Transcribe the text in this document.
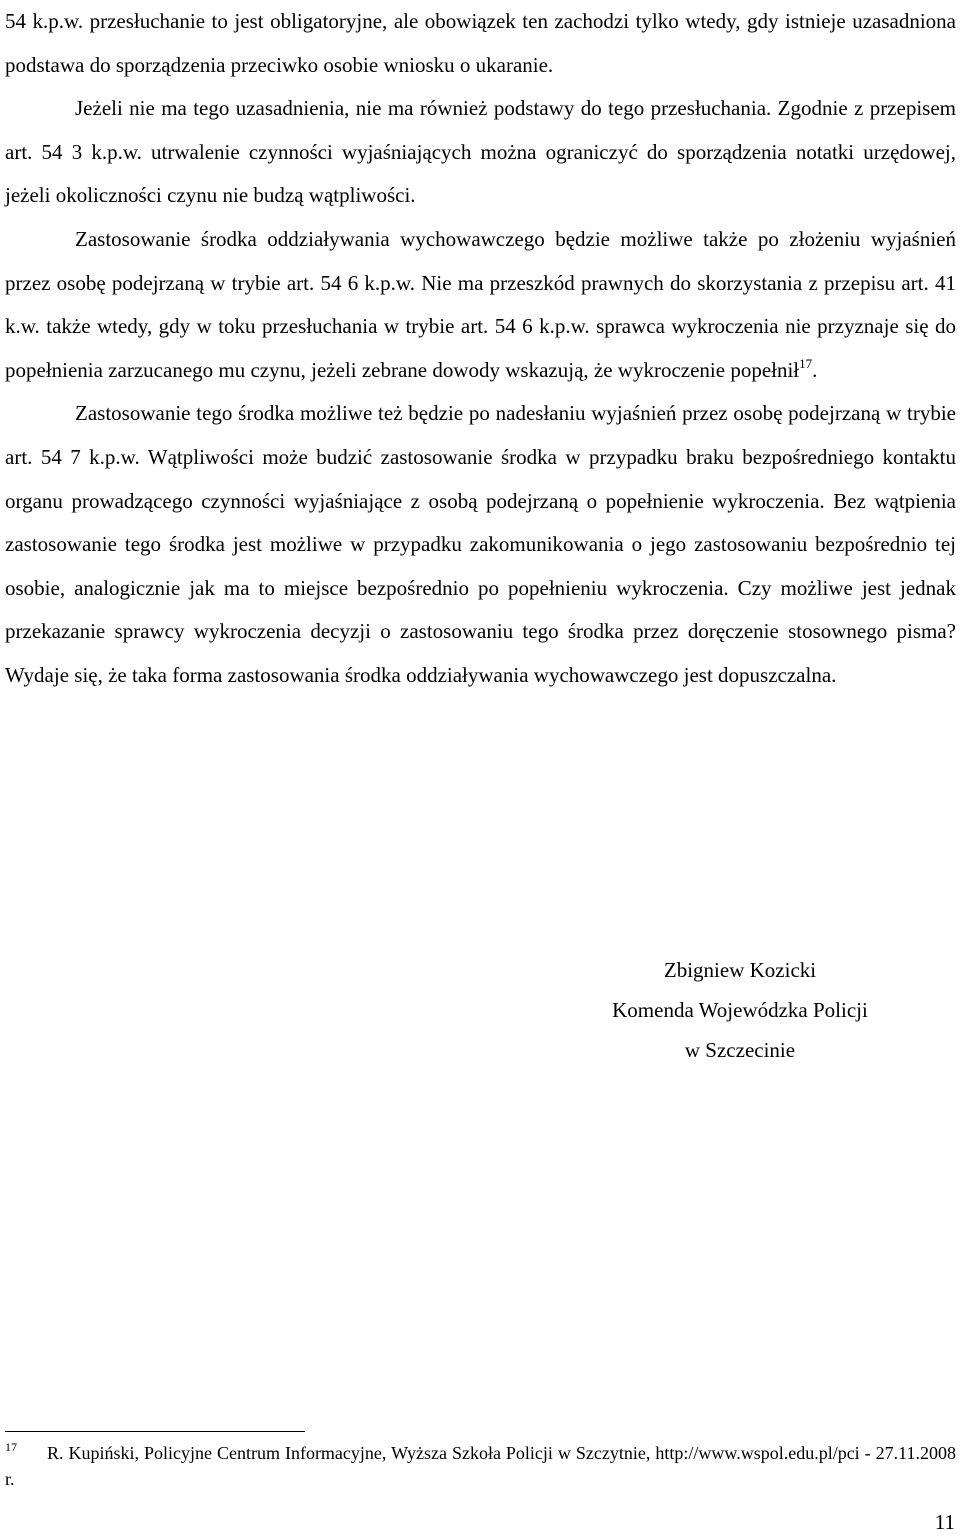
54 k.p.w. przesłuchanie to jest obligatoryjne, ale obowiązek ten zachodzi tylko wtedy, gdy istnieje uzasadniona podstawa do sporządzenia przeciwko osobie wniosku o ukaranie.

Jeżeli nie ma tego uzasadnienia, nie ma również podstawy do tego przesłuchania. Zgodnie z przepisem art. 54 3 k.p.w. utrwalenie czynności wyjaśniających można ograniczyć do sporządzenia notatki urzędowej, jeżeli okoliczności czynu nie budzą wątpliwości.

Zastosowanie środka oddziaływania wychowawczego będzie możliwe także po złożeniu wyjaśnień przez osobę podejrzaną w trybie art. 54 6 k.p.w. Nie ma przeszkód prawnych do skorzystania z przepisu art. 41 k.w. także wtedy, gdy w toku przesłuchania w trybie art. 54 6 k.p.w. sprawca wykroczenia nie przyznaje się do popełnienia zarzucanego mu czynu, jeżeli zebrane dowody wskazują, że wykroczenie popełnił$^{17}$.

Zastosowanie tego środka możliwe też będzie po nadesłaniu wyjaśnień przez osobę podejrzaną w trybie art. 54 7 k.p.w. Wątpliwości może budzić zastosowanie środka w przypadku braku bezpośredniego kontaktu organu prowadzącego czynności wyjaśniające z osobą podejrzaną o popełnienie wykroczenia. Bez wątpienia zastosowanie tego środka jest możliwe w przypadku zakomunikowania o jego zastosowaniu bezpośrednio tej osobie, analogicznie jak ma to miejsce bezpośrednio po popełnieniu wykroczenia. Czy możliwe jest jednak przekazanie sprawcy wykroczenia decyzji o zastosowaniu tego środka przez doręczenie stosownego pisma? Wydaje się, że taka forma zastosowania środka oddziaływania wychowawczego jest dopuszczalna.

Zbigniew Kozicki
Komenda Wojewódzka Policji
w Szczecinie
$^{17}$ R. Kupiński, Policyjne Centrum Informacyjne, Wyższa Szkoła Policji w Szczytnie, http://www.wspol.edu.pl/pci - 27.11.2008 r.
11
